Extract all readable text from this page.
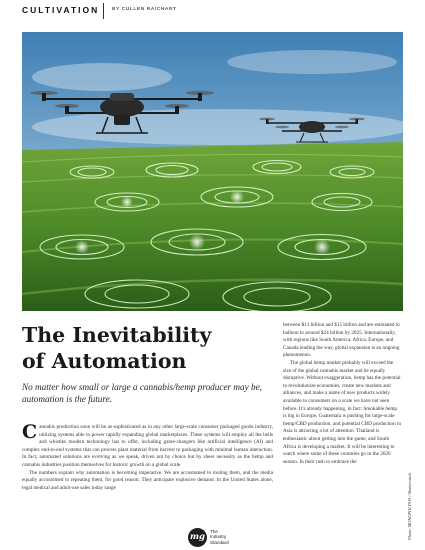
CULTIVATION	BY CULLEN RAICHART
The Inevitability
of Automation

No matter how small or large a cannabis/hemp producer may be, automation is the future.

Cannabis production soon will be as sophisticated as in any other large-scale consumer packaged goods industry, utilizing systems able to power rapidly expanding global marketplaces. These systems will employ all the bells and whistles modern technology has to offer, including game-changers like artificial intelligence (AI) and complex end-to-end systems that can process plant material from harvest to packaging with minimal human interaction. In fact, automated solutions are evolving as we speak, driven not by choice but by sheer necessity as the hemp and cannabis industries position themselves for historic growth on a global scale.

The numbers explain why automation is becoming imperative. We are accustomed to touting them, and the media equally accustomed to repeating them, for good reason: They anticipate explosive demand. In the United States alone, legal medical and adult-use sales today range

between $13 billion and $15 billion and are estimated to balloon to around $24 billion by 2025. Internationally, with regions like South America, Africa, Europe, and Canada leading the way, global expansion is an ongoing phenomenon.

The global hemp market probably will exceed the size of the global cannabis market and be equally disruptive. Without exaggeration, hemp has the potential to revolutionize economies, create new markets and alliances, and make a name of new products widely available to consumers on a scale we have not seen before. It’s already happening, in fact: Smokable hemp is big in Europe, Guatemala is pushing for large-scale hemp/CBD production, and potential CBD production in Asia is attracting a lot of attention. Thailand is enthusiastic about getting into the game, and South Africa is developing a market. It will be interesting to watch where some of these countries go in the 2020 season. In their rush to embrace the

Photo: MONOPOLY919 / Shutterstock
mg
The
Industry
Standard
